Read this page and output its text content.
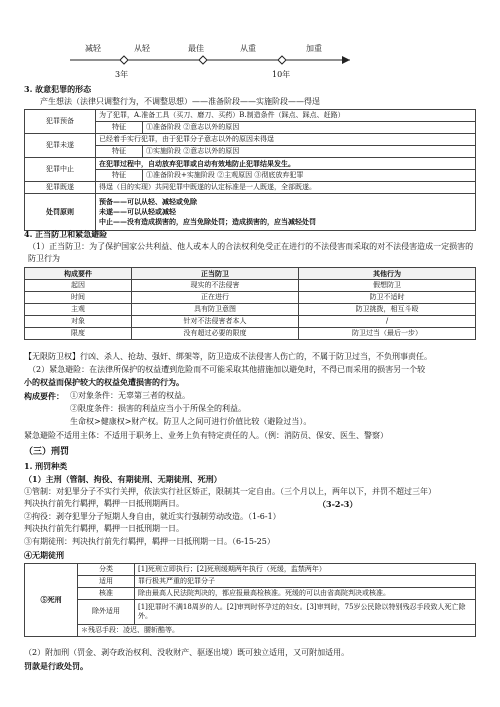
减轻	从轻	最佳	从重	加重
3年	10年
3. 故意犯罪的形态
产生想法（法律只调整行为，不调整思想）——准备阶段——实施阶段——得逞
犯罪预备	为了犯罪，A.准备工具（买刀、磨刀、买药）B.制造条件（踩点、踩点、赶路）	
	特征	①准备阶段 ②意志以外的原因
犯罪未遂	已经着手实行犯罪，由于犯罪分子意志以外的原因未得逞	
	特征	①实施阶段 ②意志以外的原因
犯罪中止	在犯罪过程中，自动放弃犯罪或自动有效地防止犯罪结果发生。	
	特征	①准备阶段+实施阶段 ②主观原因 ③彻底放弃犯罪
犯罪既遂	得逞（目的实现）共同犯罪中既遂的认定标准是一人既遂，全部既遂。	
处罚原则	预备——可以从轻、减轻或免除
未遂——可以从轻或减轻
中止——没有造成损害的，应当免除处罚；造成损害的，应当减轻处罚	
4. 正当防卫和紧急避险
（1）正当防卫：为了保护国家公共利益、他人或本人的合法权利免受正在进行的不法侵害而采取的对不法侵害造成一定损害的防卫行为
构成要件	正当防卫	其他行为
起因	现实的不法侵害	假想防卫
时间	正在进行	防卫不适时
主观	具有防卫意图	防卫挑拨，相互斗殴
对象	针对不法侵害者本人	/
限度	没有超过必要的限度	防卫过当（最后一步）
【无限防卫权】行凶、杀人、抢劫、强奸、绑架等，防卫造成不法侵害人伤亡的，不属于防卫过当，不负刑事责任。
（2）紧急避险：在法律所保护的权益遭到危险而不可能采取其他措施加以避免时，不得已而采用的损害另一个较
小的权益而保护较大的权益免遭损害的行为。
构成要件： ①对象条件：无辜第三者的权益。
②限度条件：损害的利益应当小于所保全的利益。
生命权>健康权>财产权。防卫人之间可进行价值比较（避险过当）。
紧急避险不适用主体：不适用于职务上、业务上负有特定责任的人。（例：消防员、保安、医生、警察）
（三）刑罚
1. 刑罚种类
（1）主刑（管制、拘役、有期徒刑、无期徒刑、死刑）
①管制：对犯罪分子不实行关押，依法实行社区矫正，限制其一定自由。（三个月以上，两年以下，并罚不超过三年）
判决执行前先行羁押，羁押一日抵刑期两日。	（3-2-3）
②拘役：剥夺犯罪分子短期人身自由，就近实行强制劳动改造。（1-6-1）
判决执行前先行羁押，羁押一日抵刑期一日。
③有期徒刑：判决执行前先行羁押，羁押一日抵刑期一日。（6-15-25）
④无期徒刑
⑤死刑	分类	[1]死刑立即执行；[2]死刑缓期两年执行（死缓，监禁两年）
	适用	罪行极其严重的犯罪分子
	核准	除由最高人民法院判决的，都应报最高检核准。死缓的可以由省高院判决或核准。
	除外适用	[1]犯罪时不满18周岁的人。[2]审判时怀孕过的妇女。[3]审判时，75岁公民除以特别残忍手段致人死亡除外。
	＊残忍手段：凌迟、腰斩酷等。	
（2）附加刑（罚金、剥夺政治权利、没收财产、驱逐出境）既可独立适用，又可附加适用。
罚款是行政处罚。
